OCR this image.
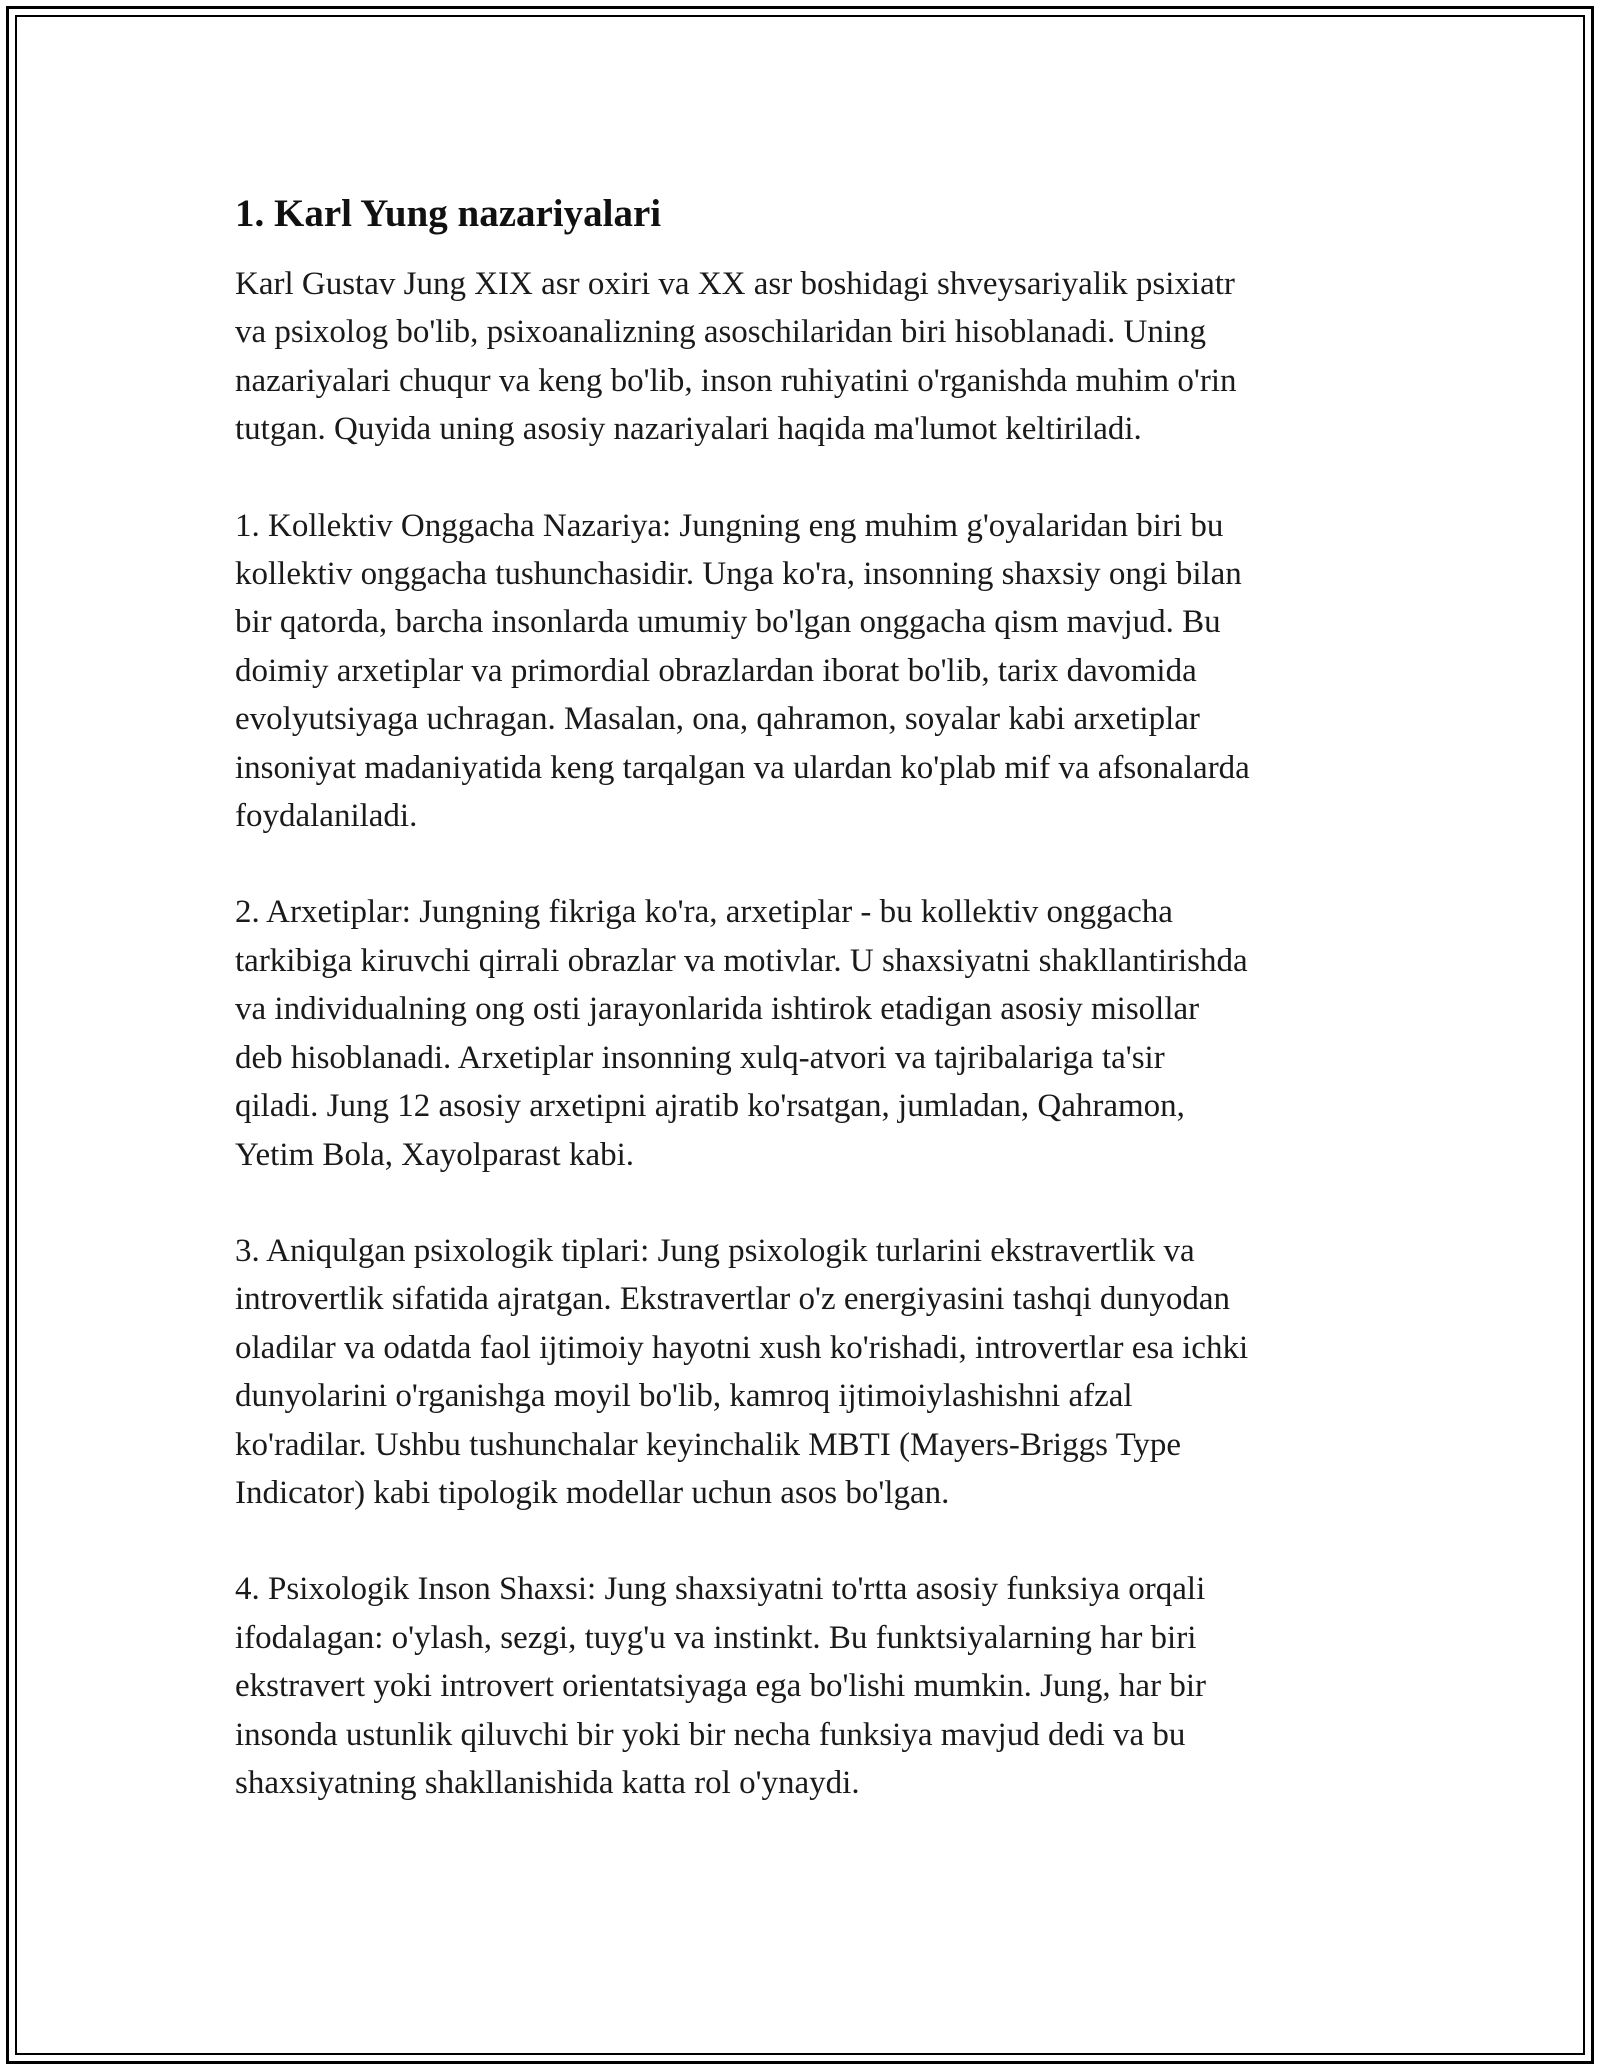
1. Karl Yung nazariyalari

Karl Gustav Jung XIX asr oxiri va XX asr boshidagi shveysariyalik psixiatr
va psixolog bo'lib, psixoanalizning asoschilaridan biri hisoblanadi. Uning
nazariyalari chuqur va keng bo'lib, inson ruhiyatini o'rganishda muhim o'rin
tutgan. Quyida uning asosiy nazariyalari haqida ma'lumot keltiriladi.

1. Kollektiv Onggacha Nazariya: Jungning eng muhim g'oyalaridan biri bu
kollektiv onggacha tushunchasidir. Unga ko'ra, insonning shaxsiy ongi bilan
bir qatorda, barcha insonlarda umumiy bo'lgan onggacha qism mavjud. Bu
doimiy arxetiplar va primordial obrazlardan iborat bo'lib, tarix davomida
evolyutsiyaga uchragan. Masalan, ona, qahramon, soyalar kabi arxetiplar
insoniyat madaniyatida keng tarqalgan va ulardan ko'plab mif va afsonalarda
foydalaniladi.

2. Arxetiplar: Jungning fikriga ko'ra, arxetiplar - bu kollektiv onggacha
tarkibiga kiruvchi qirrali obrazlar va motivlar. U shaxsiyatni shakllantirishda
va individualning ong osti jarayonlarida ishtirok etadigan asosiy misollar
deb hisoblanadi. Arxetiplar insonning xulq-atvori va tajribalariga ta'sir
qiladi. Jung 12 asosiy arxetipni ajratib ko'rsatgan, jumladan, Qahramon,
Yetim Bola, Xayolparast kabi.

3. Aniqulgan psixologik tiplari: Jung psixologik turlarini ekstravertlik va
introvertlik sifatida ajratgan. Ekstravertlar o'z energiyasini tashqi dunyodan
oladilar va odatda faol ijtimoiy hayotni xush ko'rishadi, introvertlar esa ichki
dunyolarini o'rganishga moyil bo'lib, kamroq ijtimoiylashishni afzal
ko'radilar. Ushbu tushunchalar keyinchalik MBTI (Mayers-Briggs Type
Indicator) kabi tipologik modellar uchun asos bo'lgan.

4. Psixologik Inson Shaxsi: Jung shaxsiyatni to'rtta asosiy funksiya orqali
ifodalagan: o'ylash, sezgi, tuyg'u va instinkt. Bu funktsiyalarning har biri
ekstravert yoki introvert orientatsiyaga ega bo'lishi mumkin. Jung, har bir
insonda ustunlik qiluvchi bir yoki bir necha funksiya mavjud dedi va bu
shaxsiyatning shakllanishida katta rol o'ynaydi.
